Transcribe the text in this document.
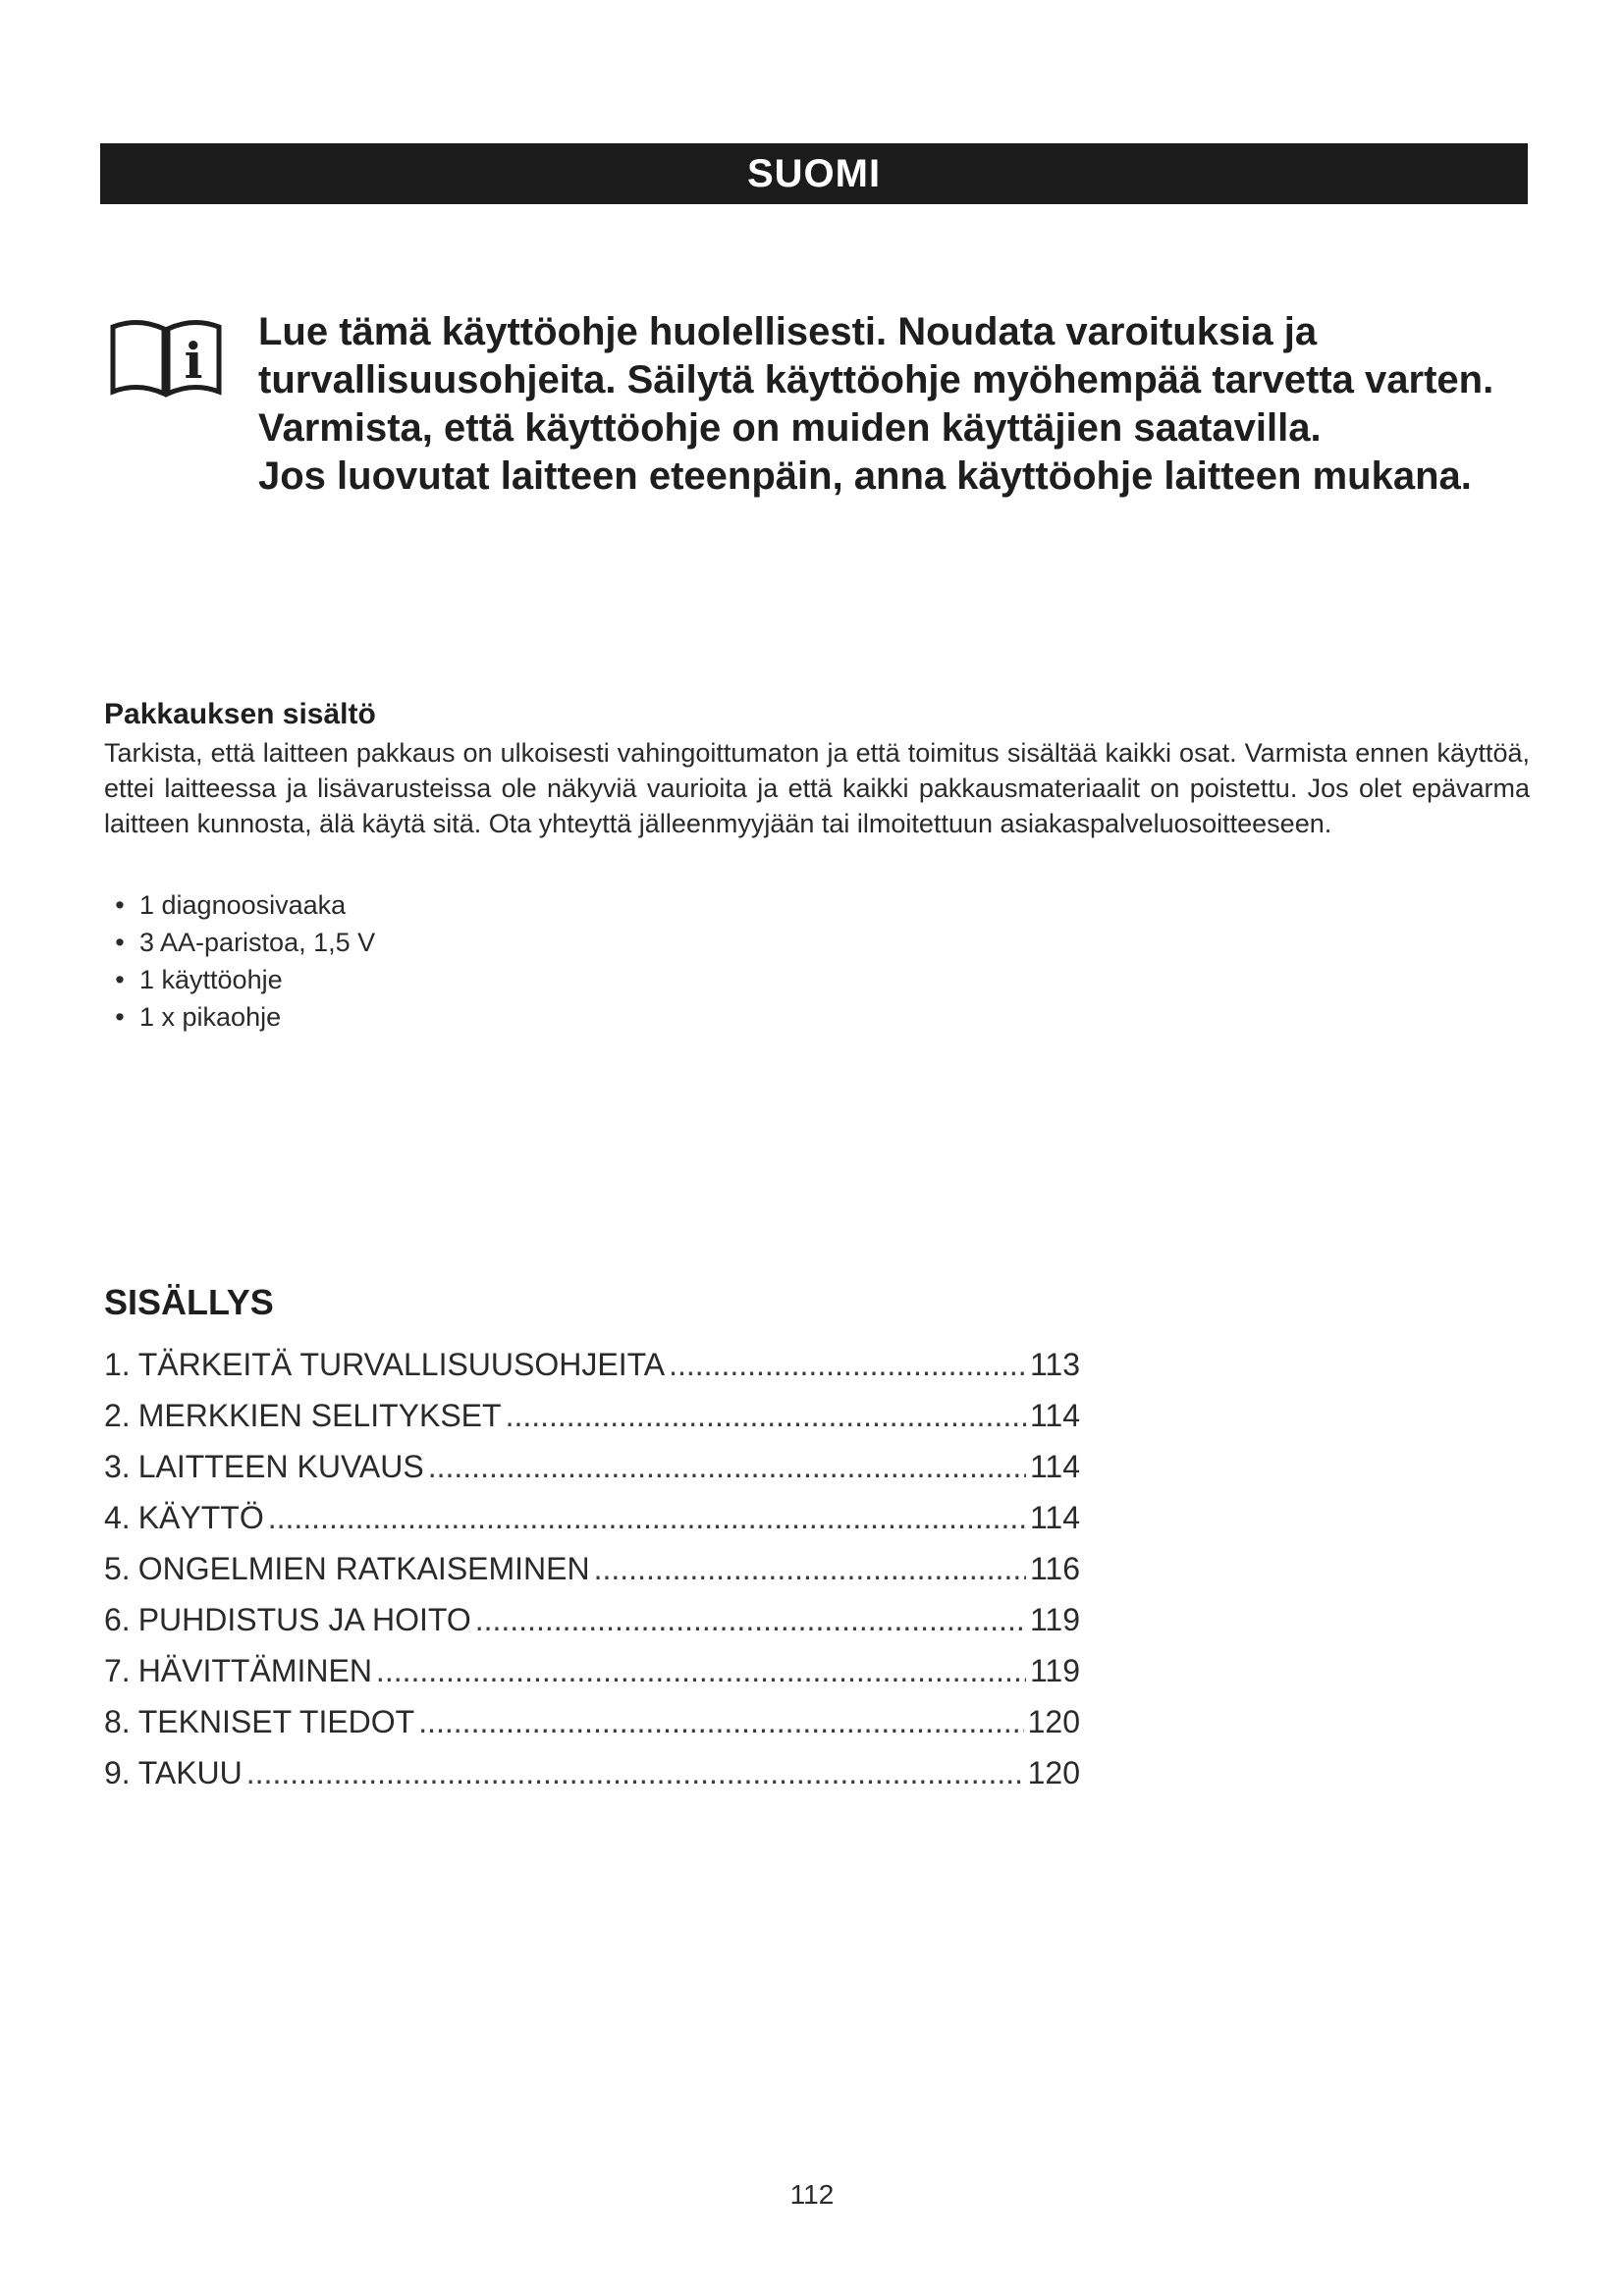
SUOMI
i Lue tämä käyttöohje huolellisesti. Noudata varoituksia ja
turvallisuusohjeita. Säilytä käyttöohje myöhempää tarvetta varten.
Varmista, että käyttöohje on muiden käyttäjien saatavilla.
Jos luovutat laitteen eteenpäin, anna käyttöohje laitteen mukana.
Pakkauksen sisältö
Tarkista, että laitteen pakkaus on ulkoisesti vahingoittumaton ja että toimitus sisältää kaikki osat. Varmista ennen käyttöä, ettei laitteessa ja lisävarusteissa ole näkyviä vaurioita ja että kaikki pakkausmateriaalit on poistettu. Jos olet epävarma laitteen kunnosta, älä käytä sitä. Ota yhteyttä jälleenmyyjään tai ilmoitettuun asiakaspalveluosoitteeseen.
• 1 diagnoosivaaka
• 3 AA-paristoa, 1,5 V
• 1 käyttöohje
• 1 x pikaohje
SISÄLLYS
1. TÄRKEITÄ TURVALLISUUSOHJEITA .....	113
2. MERKKIEN SELITYKSET .....	114
3. LAITTEEN KUVAUS .....	114
4. KÄYTTÖ .....	114
5. ONGELMIEN RATKAISEMINEN .....	116
6. PUHDISTUS JA HOITO .....	119
7. HÄVITTÄMINEN .....	119
8. TEKNISET TIEDOT .....	120
9. TAKUU .....	120
112
